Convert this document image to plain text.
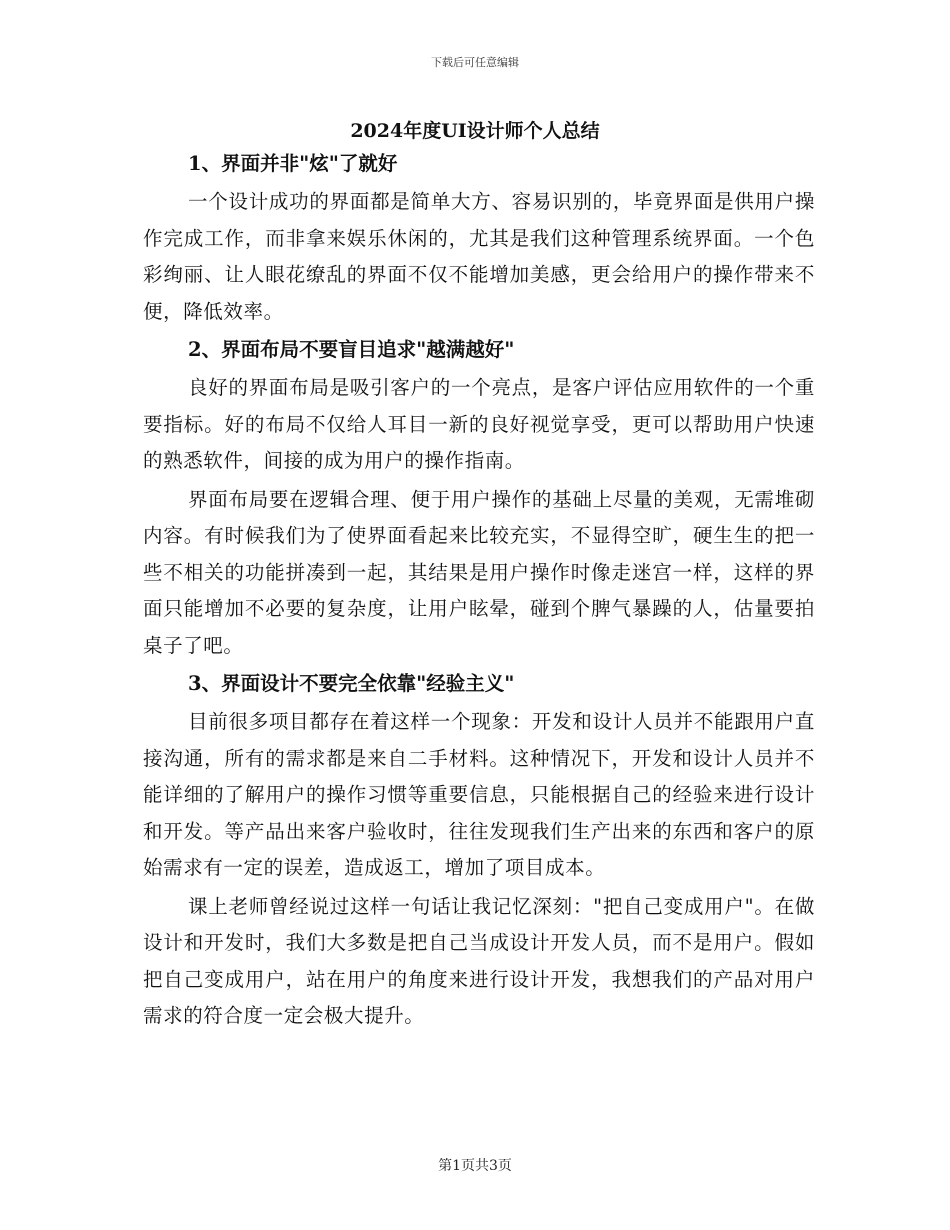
下载后可任意编辑
2024年度UI设计师个人总结
1、界面并非"炫"了就好

一个设计成功的界面都是简单大方、容易识别的，毕竟界面是供用户操作完成工作，而非拿来娱乐休闲的，尤其是我们这种管理系统界面。一个色彩绚丽、让人眼花缭乱的界面不仅不能增加美感，更会给用户的操作带来不便，降低效率。

2、界面布局不要盲目追求"越满越好"

良好的界面布局是吸引客户的一个亮点，是客户评估应用软件的一个重要指标。好的布局不仅给人耳目一新的良好视觉享受，更可以帮助用户快速的熟悉软件，间接的成为用户的操作指南。

界面布局要在逻辑合理、便于用户操作的基础上尽量的美观，无需堆砌内容。有时候我们为了使界面看起来比较充实，不显得空旷，硬生生的把一些不相关的功能拼凑到一起，其结果是用户操作时像走迷宫一样，这样的界面只能增加不必要的复杂度，让用户眩晕，碰到个脾气暴躁的人，估量要拍桌子了吧。

3、界面设计不要完全依靠"经验主义"

目前很多项目都存在着这样一个现象：开发和设计人员并不能跟用户直接沟通，所有的需求都是来自二手材料。这种情况下，开发和设计人员并不能详细的了解用户的操作习惯等重要信息，只能根据自己的经验来进行设计和开发。等产品出来客户验收时，往往发现我们生产出来的东西和客户的原始需求有一定的误差，造成返工，增加了项目成本。

课上老师曾经说过这样一句话让我记忆深刻："把自己变成用户"。在做设计和开发时，我们大多数是把自己当成设计开发人员，而不是用户。假如把自己变成用户，站在用户的角度来进行设计开发，我想我们的产品对用户需求的符合度一定会极大提升。

第1页共3页
